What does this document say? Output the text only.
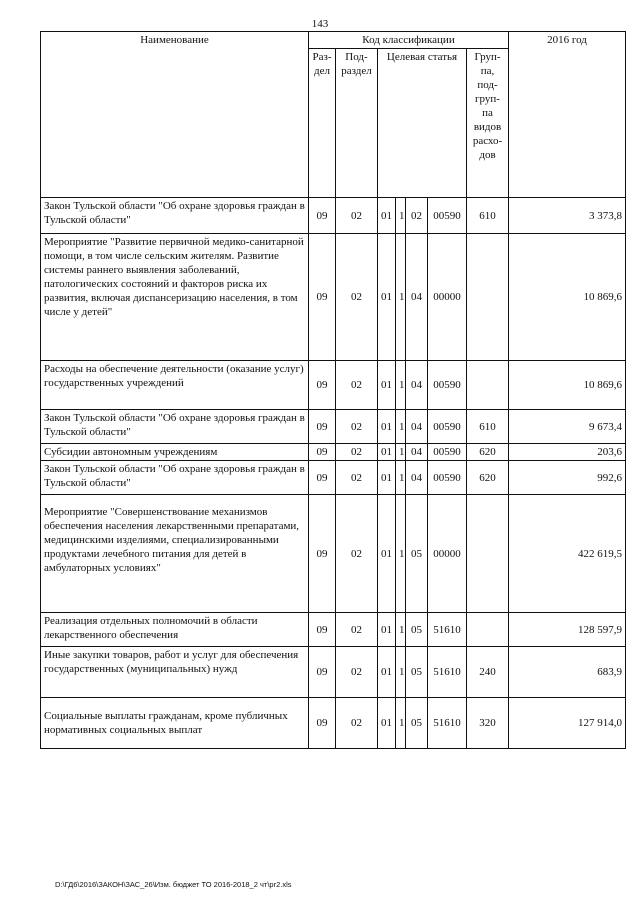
143
Наименование	Код классификации							2016 год
	Раз-дел	Под-раздел	Целевая статья				Груп-па, под-груп-па видов расхо-дов	
Закон Тульской области "Об охране здоровья граждан в Тульской области"	09	02	01	1	02	00590	610	3 373,8
Мероприятие "Развитие первичной медико-санитарной помощи, в том числе сельским жителям. Развитие системы раннего выявления заболеваний, патологических состояний и факторов риска их развития, включая диспансеризацию населения, в том числе у детей"	09	02	01	1	04	00000		10 869,6
Расходы на обеспечение деятельности (оказание услуг) государственных учреждений	09	02	01	1	04	00590		10 869,6
Закон Тульской области "Об охране здоровья граждан в Тульской области"	09	02	01	1	04	00590	610	9 673,4
Субсидии автономным учреждениям	09	02	01	1	04	00590	620	203,6
Закон Тульской области "Об охране здоровья граждан в Тульской области"	09	02	01	1	04	00590	620	992,6
Мероприятие "Совершенствование механизмов обеспечения населения лекарственными препаратами, медицинскими изделиями, специализированными продуктами лечебного питания для детей в амбулаторных условиях"	09	02	01	1	05	00000		422 619,5
Реализация отдельных полномочий в области лекарственного обеспечения	09	02	01	1	05	51610		128 597,9
Иные закупки товаров, работ и услуг для обеспечения государственных (муниципальных) нужд	09	02	01	1	05	51610	240	683,9
Социальные выплаты гражданам, кроме публичных нормативных социальных выплат	09	02	01	1	05	51610	320	127 914,0
D:\ГД6\2016\ЗАКОН\ЗАС_26\Изм. бюджет ТО 2016-2018_2 чт\pr2.xls
